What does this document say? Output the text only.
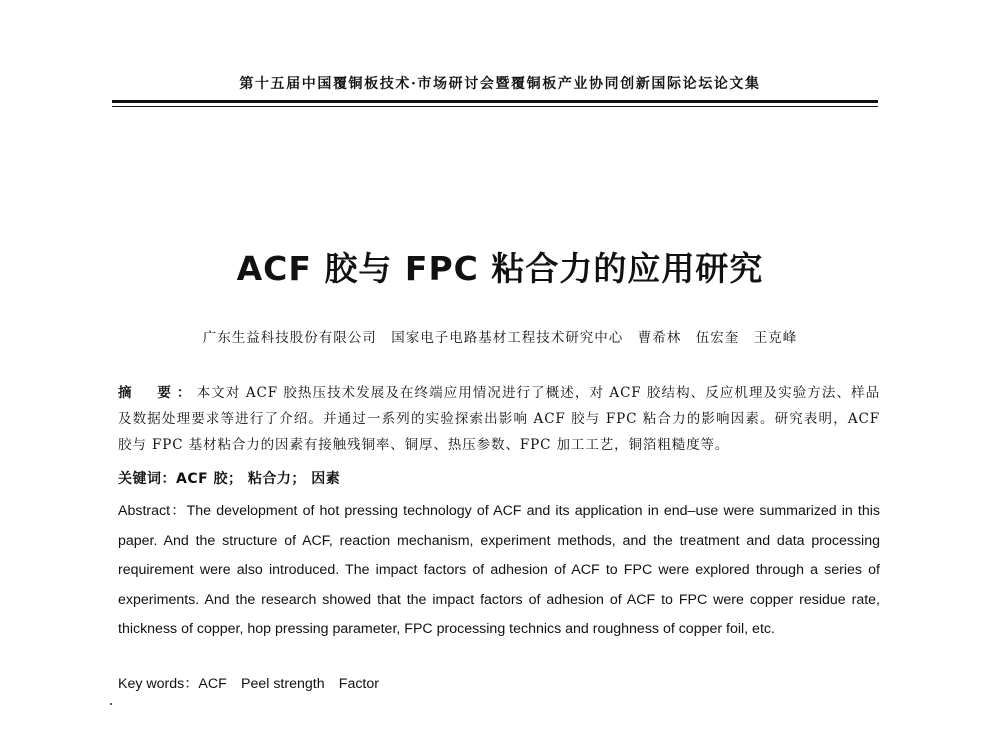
第十五届中国覆铜板技术·市场研讨会暨覆铜板产业协同创新国际论坛论文集
ACF 胶与 FPC 粘合力的应用研究
广东生益科技股份有限公司　国家电子电路基材工程技术研究中心　曹希林　伍宏奎　王克峰
摘　要：本文对 ACF 胶热压技术发展及在终端应用情况进行了概述，对 ACF 胶结构、反应机理及实验方法、样品及数据处理要求等进行了介绍。并通过一系列的实验探索出影响 ACF 胶与 FPC 粘合力的影响因素。研究表明，ACF 胶与 FPC 基材粘合力的因素有接触残铜率、铜厚、热压参数、FPC 加工工艺，铜箔粗糙度等。
关键词：ACF 胶； 粘合力； 因素
Abstract：The development of hot pressing technology of ACF and its application in end–use were summarized in this paper. And the structure of ACF, reaction mechanism, experiment methods, and the treatment and data processing requirement were also introduced. The impact factors of adhesion of ACF to FPC were explored through a series of experiments. And the research showed that the impact factors of adhesion of ACF to FPC were copper residue rate, thickness of copper, hop pressing parameter, FPC processing technics and roughness of copper foil, etc.
Key words：ACF　Peel strength　Factor
